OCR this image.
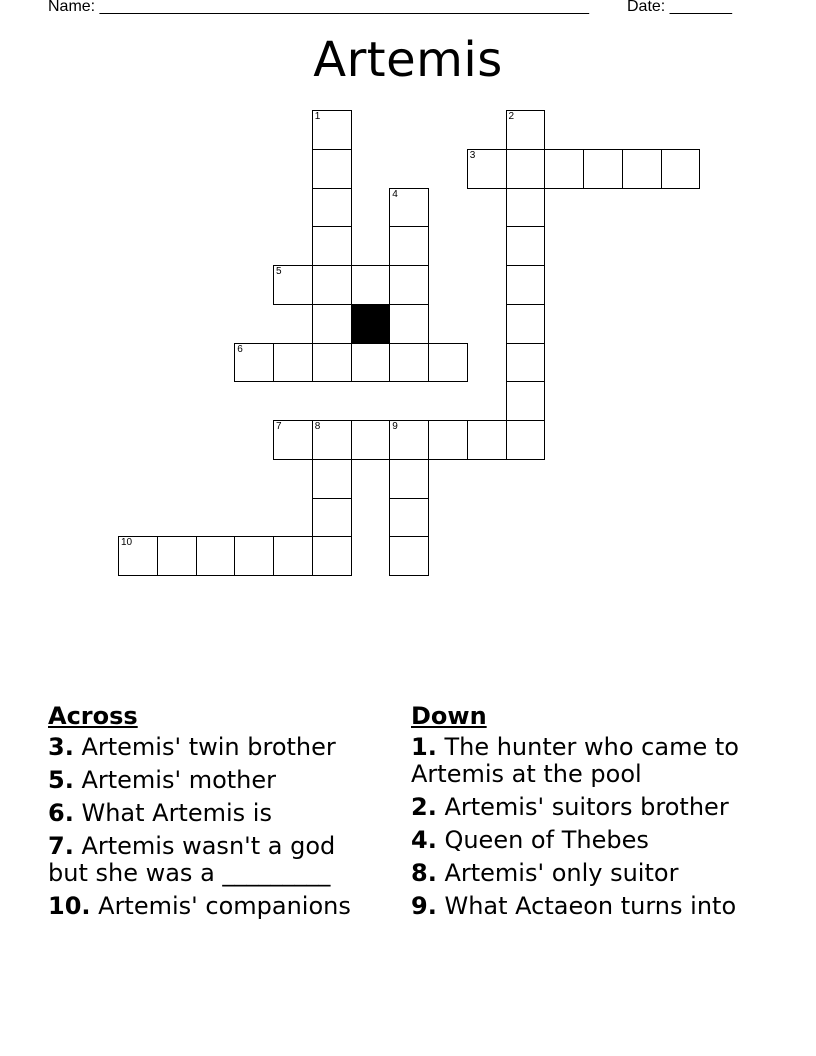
Name: _______________________________________________________ Date: _______
Artemis
1	2
3
4
5
6
7	8	9
10
Across
3. Artemis' twin brother
5. Artemis' mother
6. What Artemis is
7. Artemis wasn't a god but she was a _________
10. Artemis' companions
Down
1. The hunter who came to Artemis at the pool
2. Artemis' suitors brother
4. Queen of Thebes
8. Artemis' only suitor
9. What Actaeon turns into
